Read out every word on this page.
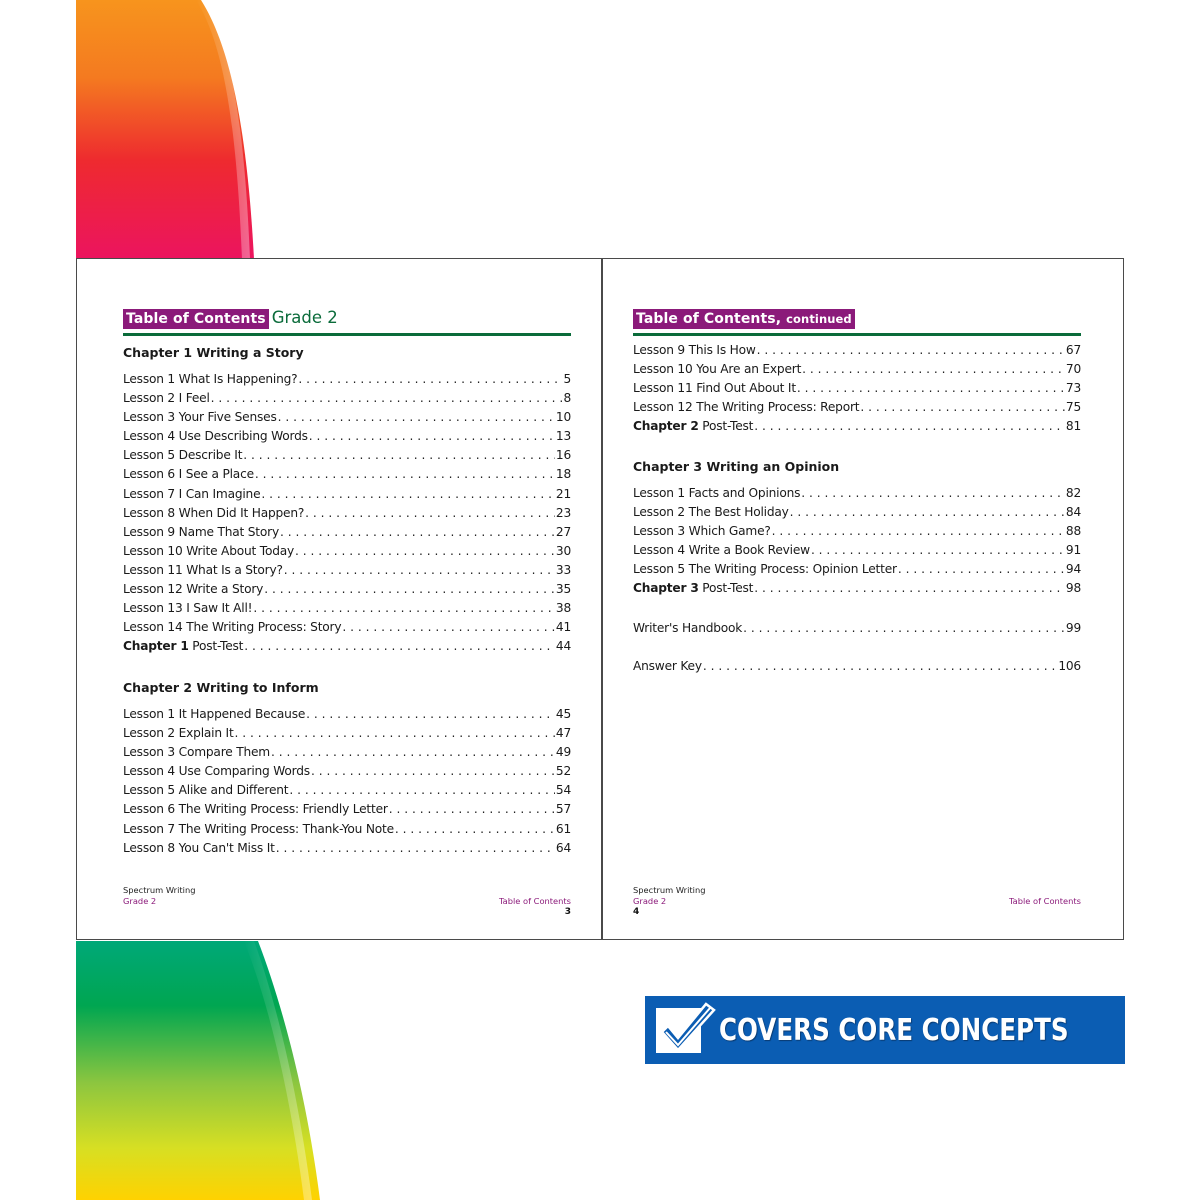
Table of Contents Grade 2
Chapter 1 Writing a Story
Lesson 1 What Is Happening? . . .	5
Lesson 2 I Feel . . .	8
Lesson 3 Your Five Senses . . .	10
Lesson 4 Use Describing Words . . .	13
Lesson 5 Describe It . . .	16
Lesson 6 I See a Place . . .	18
Lesson 7 I Can Imagine . . .	21
Lesson 8 When Did It Happen? . . .	23
Lesson 9 Name That Story . . .	27
Lesson 10 Write About Today . . .	30
Lesson 11 What Is a Story? . . .	33
Lesson 12 Write a Story . . .	35
Lesson 13 I Saw It All! . . .	38
Lesson 14 The Writing Process: Story . . .	41
Chapter 1 Post-Test . . .	44
Chapter 2 Writing to Inform
Lesson 1 It Happened Because . . .	45
Lesson 2 Explain It . . .	47
Lesson 3 Compare Them . . .	49
Lesson 4 Use Comparing Words . . .	52
Lesson 5 Alike and Different . . .	54
Lesson 6 The Writing Process: Friendly Letter . . .	57
Lesson 7 The Writing Process: Thank-You Note . . .	61
Lesson 8 You Can't Miss It . . .	64
Spectrum Writing
Grade 2	Table of Contents
3
Table of Contents, continued
Lesson 9 This Is How . . .	67
Lesson 10 You Are an Expert . . .	70
Lesson 11 Find Out About It . . .	73
Lesson 12 The Writing Process: Report . . .	75
Chapter 2 Post-Test . . .	81
Chapter 3 Writing an Opinion
Lesson 1 Facts and Opinions . . .	82
Lesson 2 The Best Holiday . . .	84
Lesson 3 Which Game? . . .	88
Lesson 4 Write a Book Review . . .	91
Lesson 5 The Writing Process: Opinion Letter . . .	94
Chapter 3 Post-Test . . .	98
Writer's Handbook . . .	99
Answer Key . . .	106
Spectrum Writing
Grade 2
4
Table of Contents
COVERS CORE CONCEPTS
